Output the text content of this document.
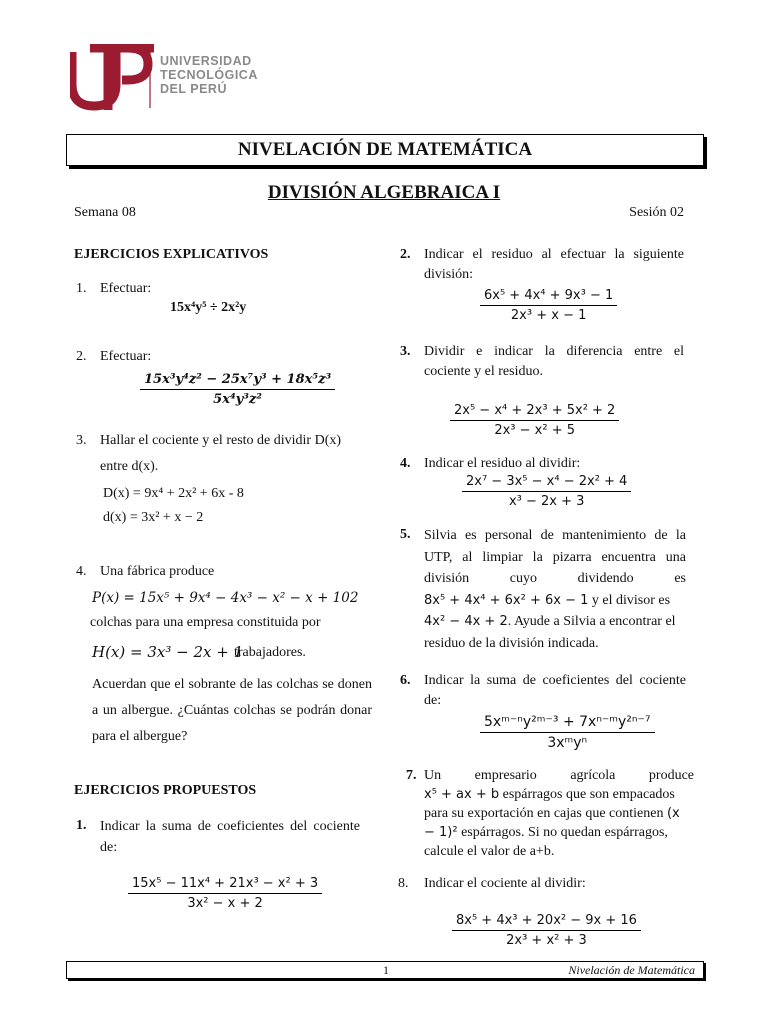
UTP
UNIVERSIDAD
TECNOLÓGICA
DEL PERÚ
NIVELACIÓN DE MATEMÁTICA
DIVISIÓN ALGEBRAICA I
Semana 08	Sesión 02
EJERCICIOS EXPLICATIVOS
1. Efectuar:
15x⁴y⁵ ÷ 2x²y
2. Efectuar:
$\frac{\text{15x³y⁴z² − 25x⁷y³ + 18x⁵z³}}{\text{5x⁴y³z²}}$
3. Hallar el cociente y el resto de dividir D(x)
entre d(x).
D(x) = 9x⁴ + 2x² + 6x - 8
d(x) = 3x² + x − 2
4. Una fábrica produce
P(x) = 15x⁵ + 9x⁴ − 4x³ − x² − x + 102
colchas para una empresa constituida por
H(x) = 3x³ − 2x + 1
trabajadores.
Acuerdan que el sobrante de las colchas se donen a un albergue. ¿Cuántas colchas se podrán donar para el albergue?
EJERCICIOS PROPUESTOS
1. Indicar la suma de coeficientes del cociente de:
$\frac{\text{15x⁵ − 11x⁴ + 21x³ − x² + 3}}{\text{3x² − x + 2}}$
2. Indicar el residuo al efectuar la siguiente división:
$\frac{\text{6x⁵ + 4x⁴ + 9x³ − 1}}{\text{2x³ + x − 1}}$
3. Dividir e indicar la diferencia entre el cociente y el residuo.
$\frac{\text{2x⁵ − x⁴ + 2x³ + 5x² + 2}}{\text{2x³ − x² + 5}}$
4. Indicar el residuo al dividir:
$\frac{\text{2x⁷ − 3x⁵ − x⁴ − 2x² + 4}}{\text{x³ − 2x + 3}}$
5. Silvia es personal de mantenimiento de la UTP, al limpiar la pizarra encuentra una división cuyo dividendo es
8x⁵ + 4x⁴ + 6x² + 6x − 1 y el divisor es 4x² − 4x + 2. Ayude a Silvia a encontrar el residuo de la división indicada.
6. Indicar la suma de coeficientes del cociente de:
5xᵐ⁻ⁿy²ᵐ⁻³ + 7xⁿ⁻ᵐy²ⁿ⁻⁷
3xᵐyⁿ
7. Un empresario agrícola produce
x⁵ + ax + b espárragos que son empacados para su exportación en cajas que contienen (x − 1)² espárragos. Si no quedan espárragos, calcule el valor de a+b.
8. Indicar el cociente al dividir:
$\frac{\text{8x⁵ + 4x³ + 20x² − 9x + 16}}{\text{2x³ + x² + 3}}$
1	Nivelación de Matemática
